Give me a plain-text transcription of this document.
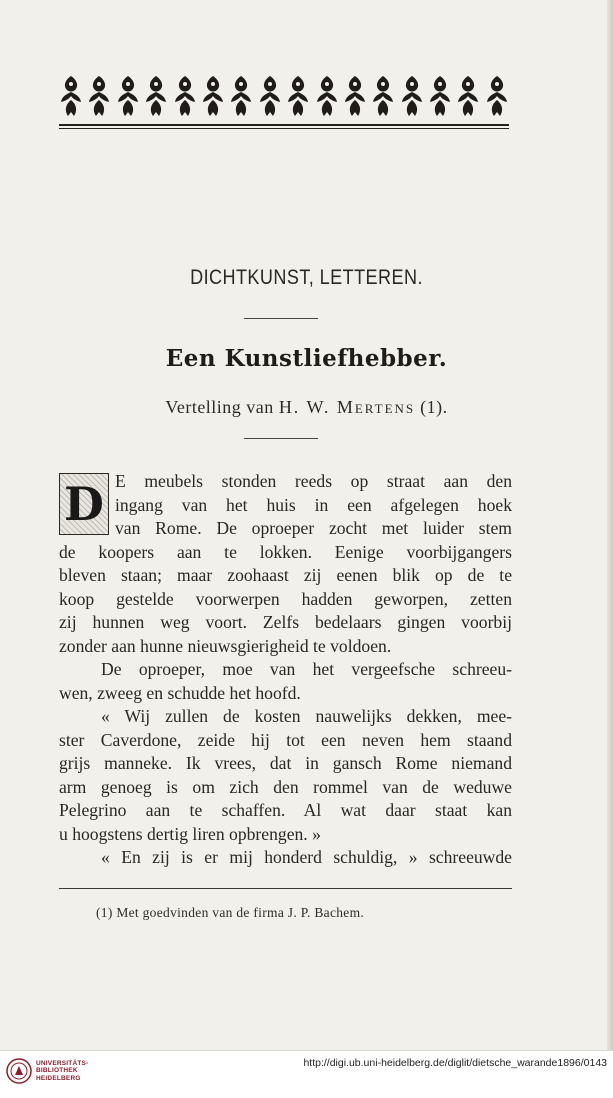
DICHTKUNST, LETTEREN.
Een Kunstliefhebber.
Vertelling van H. W. Mertens (1).
D E meubels stonden reeds op straat aan den
ingang van het huis in een afgelegen hoek
van Rome. De oproeper zocht met luider stem
de koopers aan te lokken. Eenige voorbijgangers
bleven staan; maar zoohaast zij eenen blik op de te
koop gestelde voorwerpen hadden geworpen, zetten
zij hunnen weg voort. Zelfs bedelaars gingen voorbij
zonder aan hunne nieuwsgierigheid te voldoen.
De oproeper, moe van het vergeefsche schreeu-
wen, zweeg en schudde het hoofd.
« Wij zullen de kosten nauwelijks dekken, mee-
ster Caverdone, zeide hij tot een neven hem staand
grijs manneke. Ik vrees, dat in gansch Rome niemand
arm genoeg is om zich den rommel van de weduwe
Pelegrino aan te schaffen. Al wat daar staat kan
u hoogstens dertig liren opbrengen. »
« En zij is er mij honderd schuldig, » schreeuwde
(1) Met goedvinden van de firma J. P. Bachem.
UNIVERSITÄTS-
BIBLIOTHEK
HEIDELBERG
http://digi.ub.uni-heidelberg.de/diglit/dietsche_warande1896/0143
